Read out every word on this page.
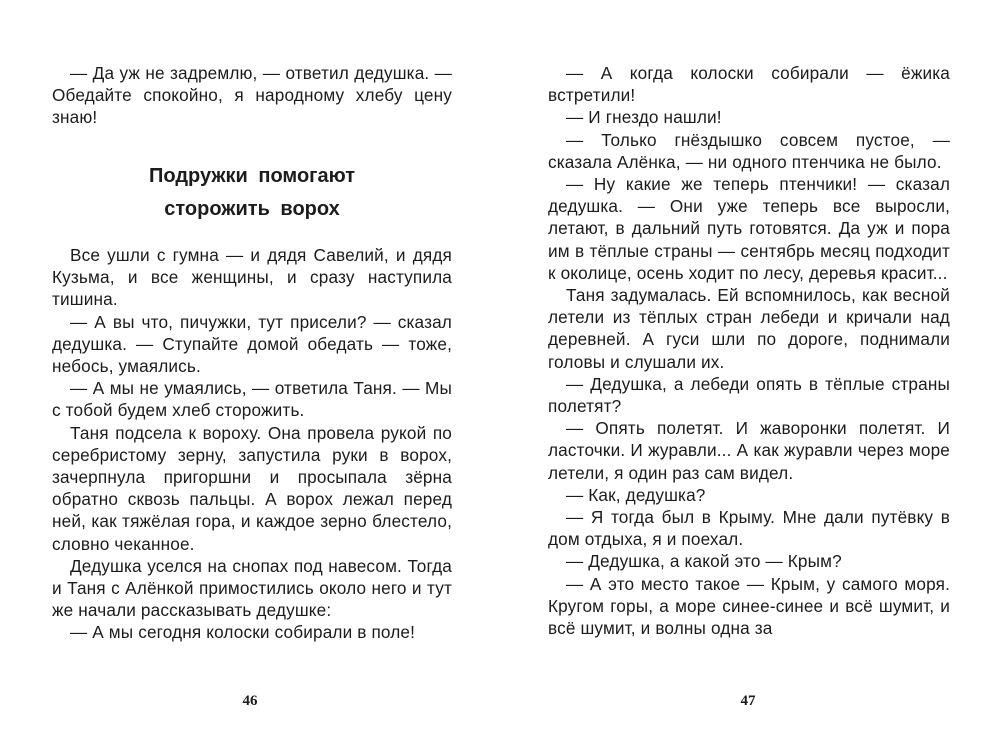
— Да уж не задремлю, — ответил дедушка. — Обедайте спокойно, я народному хлебу цену знаю!

Подружки помогают
сторожить ворох

Все ушли с гумна — и дядя Савелий, и дядя Кузьма, и все женщины, и сразу наступила тишина.

— А вы что, пичужки, тут присели? — сказал дедушка. — Ступайте домой обедать — тоже, небось, умаялись.

— А мы не умаялись, — ответила Таня. — Мы с тобой будем хлеб сторожить.

Таня подсела к вороху. Она провела рукой по серебристому зерну, запустила руки в ворох, зачерпнула пригоршни и просыпала зёрна обратно сквозь пальцы. А ворох лежал перед ней, как тяжёлая гора, и каждое зерно блестело, словно чеканное.

Дедушка уселся на снопах под навесом. Тогда и Таня с Алёнкой примостились около него и тут же начали рассказывать дедушке:

— А мы сегодня колоски собирали в поле!

46

— А когда колоски собирали — ёжика встретили!

— И гнездо нашли!

— Только гнёздышко совсем пустое, — сказала Алёнка, — ни одного птенчика не было.

— Ну какие же теперь птенчики! — сказал дедушка. — Они уже теперь все выросли, летают, в дальний путь готовятся. Да уж и пора им в тёплые страны — сентябрь месяц подходит к околице, осень ходит по лесу, деревья красит...

Таня задумалась. Ей вспомнилось, как весной летели из тёплых стран лебеди и кричали над деревней. А гуси шли по дороге, поднимали головы и слушали их.

— Дедушка, а лебеди опять в тёплые страны полетят?

— Опять полетят. И жаворонки полетят. И ласточки. И журавли... А как журавли через море летели, я один раз сам видел.

— Как, дедушка?

— Я тогда был в Крыму. Мне дали путёвку в дом отдыха, я и поехал.

— Дедушка, а какой это — Крым?

— А это место такое — Крым, у самого моря. Кругом горы, а море синее-синее и всё шумит, и всё шумит, и волны одна за

47
